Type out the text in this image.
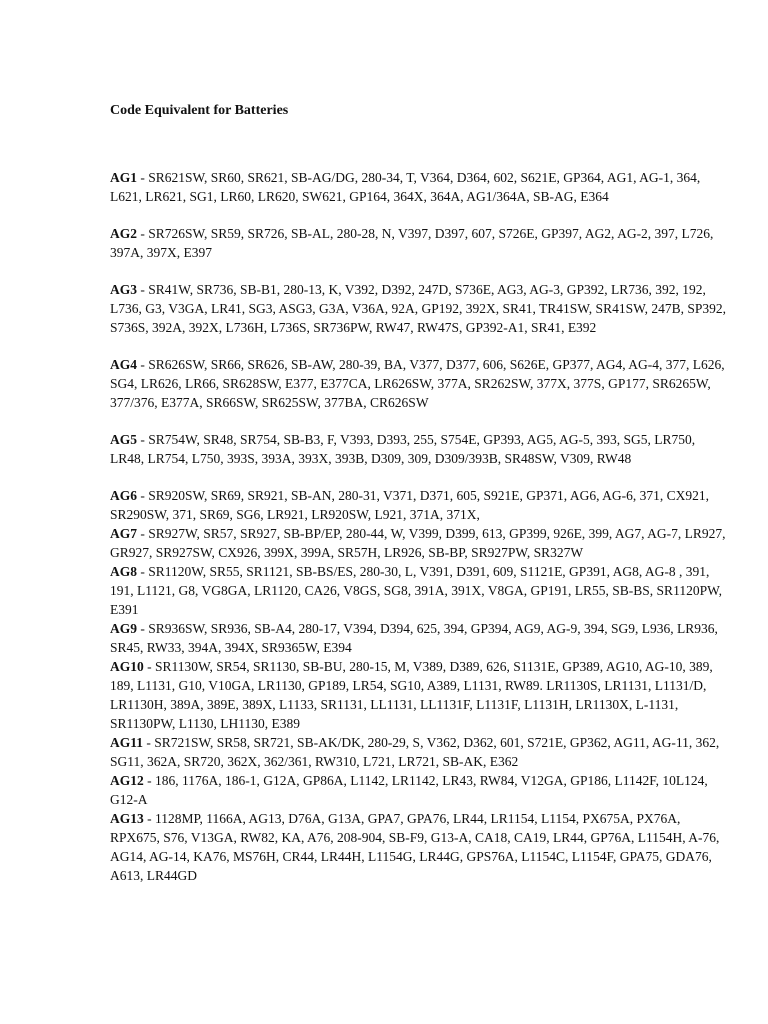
Code Equivalent for Batteries

AG1 - SR621SW, SR60, SR621, SB-AG/DG, 280-34, T, V364, D364, 602, S621E, GP364, AG1, AG-1, 364, L621, LR621, SG1, LR60, LR620, SW621, GP164, 364X, 364A, AG1/364A, SB-AG, E364

AG2 - SR726SW, SR59, SR726, SB-AL, 280-28, N, V397, D397, 607, S726E, GP397, AG2, AG-2, 397, L726, 397A, 397X, E397

AG3 - SR41W, SR736, SB-B1, 280-13, K, V392, D392, 247D, S736E, AG3, AG-3, GP392, LR736, 392, 192, L736, G3, V3GA, LR41, SG3, ASG3, G3A, V36A, 92A, GP192, 392X, SR41, TR41SW, SR41SW, 247B, SP392, S736S, 392A, 392X, L736H, L736S, SR736PW, RW47, RW47S, GP392-A1, SR41, E392

AG4 - SR626SW, SR66, SR626, SB-AW, 280-39, BA, V377, D377, 606, S626E, GP377, AG4, AG-4, 377, L626, SG4, LR626, LR66, SR628SW, E377, E377CA, LR626SW, 377A, SR262SW, 377X, 377S, GP177, SR6265W, 377/376, E377A, SR66SW, SR625SW, 377BA, CR626SW

AG5 - SR754W, SR48, SR754, SB-B3, F, V393, D393, 255, S754E, GP393, AG5, AG-5, 393, SG5, LR750, LR48, LR754, L750, 393S, 393A, 393X, 393B, D309, 309, D309/393B, SR48SW, V309, RW48

AG6 - SR920SW, SR69, SR921, SB-AN, 280-31, V371, D371, 605, S921E, GP371, AG6, AG-6, 371, CX921, SR290SW, 371, SR69, SG6, LR921, LR920SW, L921, 371A, 371X,

AG7 - SR927W, SR57, SR927, SB-BP/EP, 280-44, W, V399, D399, 613, GP399, 926E, 399, AG7, AG-7, LR927, GR927, SR927SW, CX926, 399X, 399A, SR57H, LR926, SB-BP, SR927PW, SR327W

AG8 - SR1120W, SR55, SR1121, SB-BS/ES, 280-30, L, V391, D391, 609, S1121E, GP391, AG8, AG-8 , 391, 191, L1121, G8, VG8GA, LR1120, CA26, V8GS, SG8, 391A, 391X, V8GA, GP191, LR55, SB-BS, SR1120PW, E391

AG9 - SR936SW, SR936, SB-A4, 280-17, V394, D394, 625, 394, GP394, AG9, AG-9, 394, SG9, L936, LR936, SR45, RW33, 394A, 394X, SR9365W, E394

AG10 - SR1130W, SR54, SR1130, SB-BU, 280-15, M, V389, D389, 626, S1131E, GP389, AG10, AG-10, 389, 189, L1131, G10, V10GA, LR1130, GP189, LR54, SG10, A389, L1131, RW89. LR1130S, LR1131, L1131/D, LR1130H, 389A, 389E, 389X, L1133, SR1131, LL1131, LL1131F, L1131F, L1131H, LR1130X, L-1131, SR1130PW, L1130, LH1130, E389

AG11 - SR721SW, SR58, SR721, SB-AK/DK, 280-29, S, V362, D362, 601, S721E, GP362, AG11, AG-11, 362, SG11, 362A, SR720, 362X, 362/361, RW310, L721, LR721, SB-AK, E362

AG12 - 186, 1176A, 186-1, G12A, GP86A, L1142, LR1142, LR43, RW84, V12GA, GP186, L1142F, 10L124, G12-A

AG13 - 1128MP, 1166A, AG13, D76A, G13A, GPA7, GPA76, LR44, LR1154, L1154, PX675A, PX76A, RPX675, S76, V13GA, RW82, KA, A76, 208-904, SB-F9, G13-A, CA18, CA19, LR44, GP76A, L1154H, A-76, AG14, AG-14, KA76, MS76H, CR44, LR44H, L1154G, LR44G, GPS76A, L1154C, L1154F, GPA75, GDA76, A613, LR44GD
